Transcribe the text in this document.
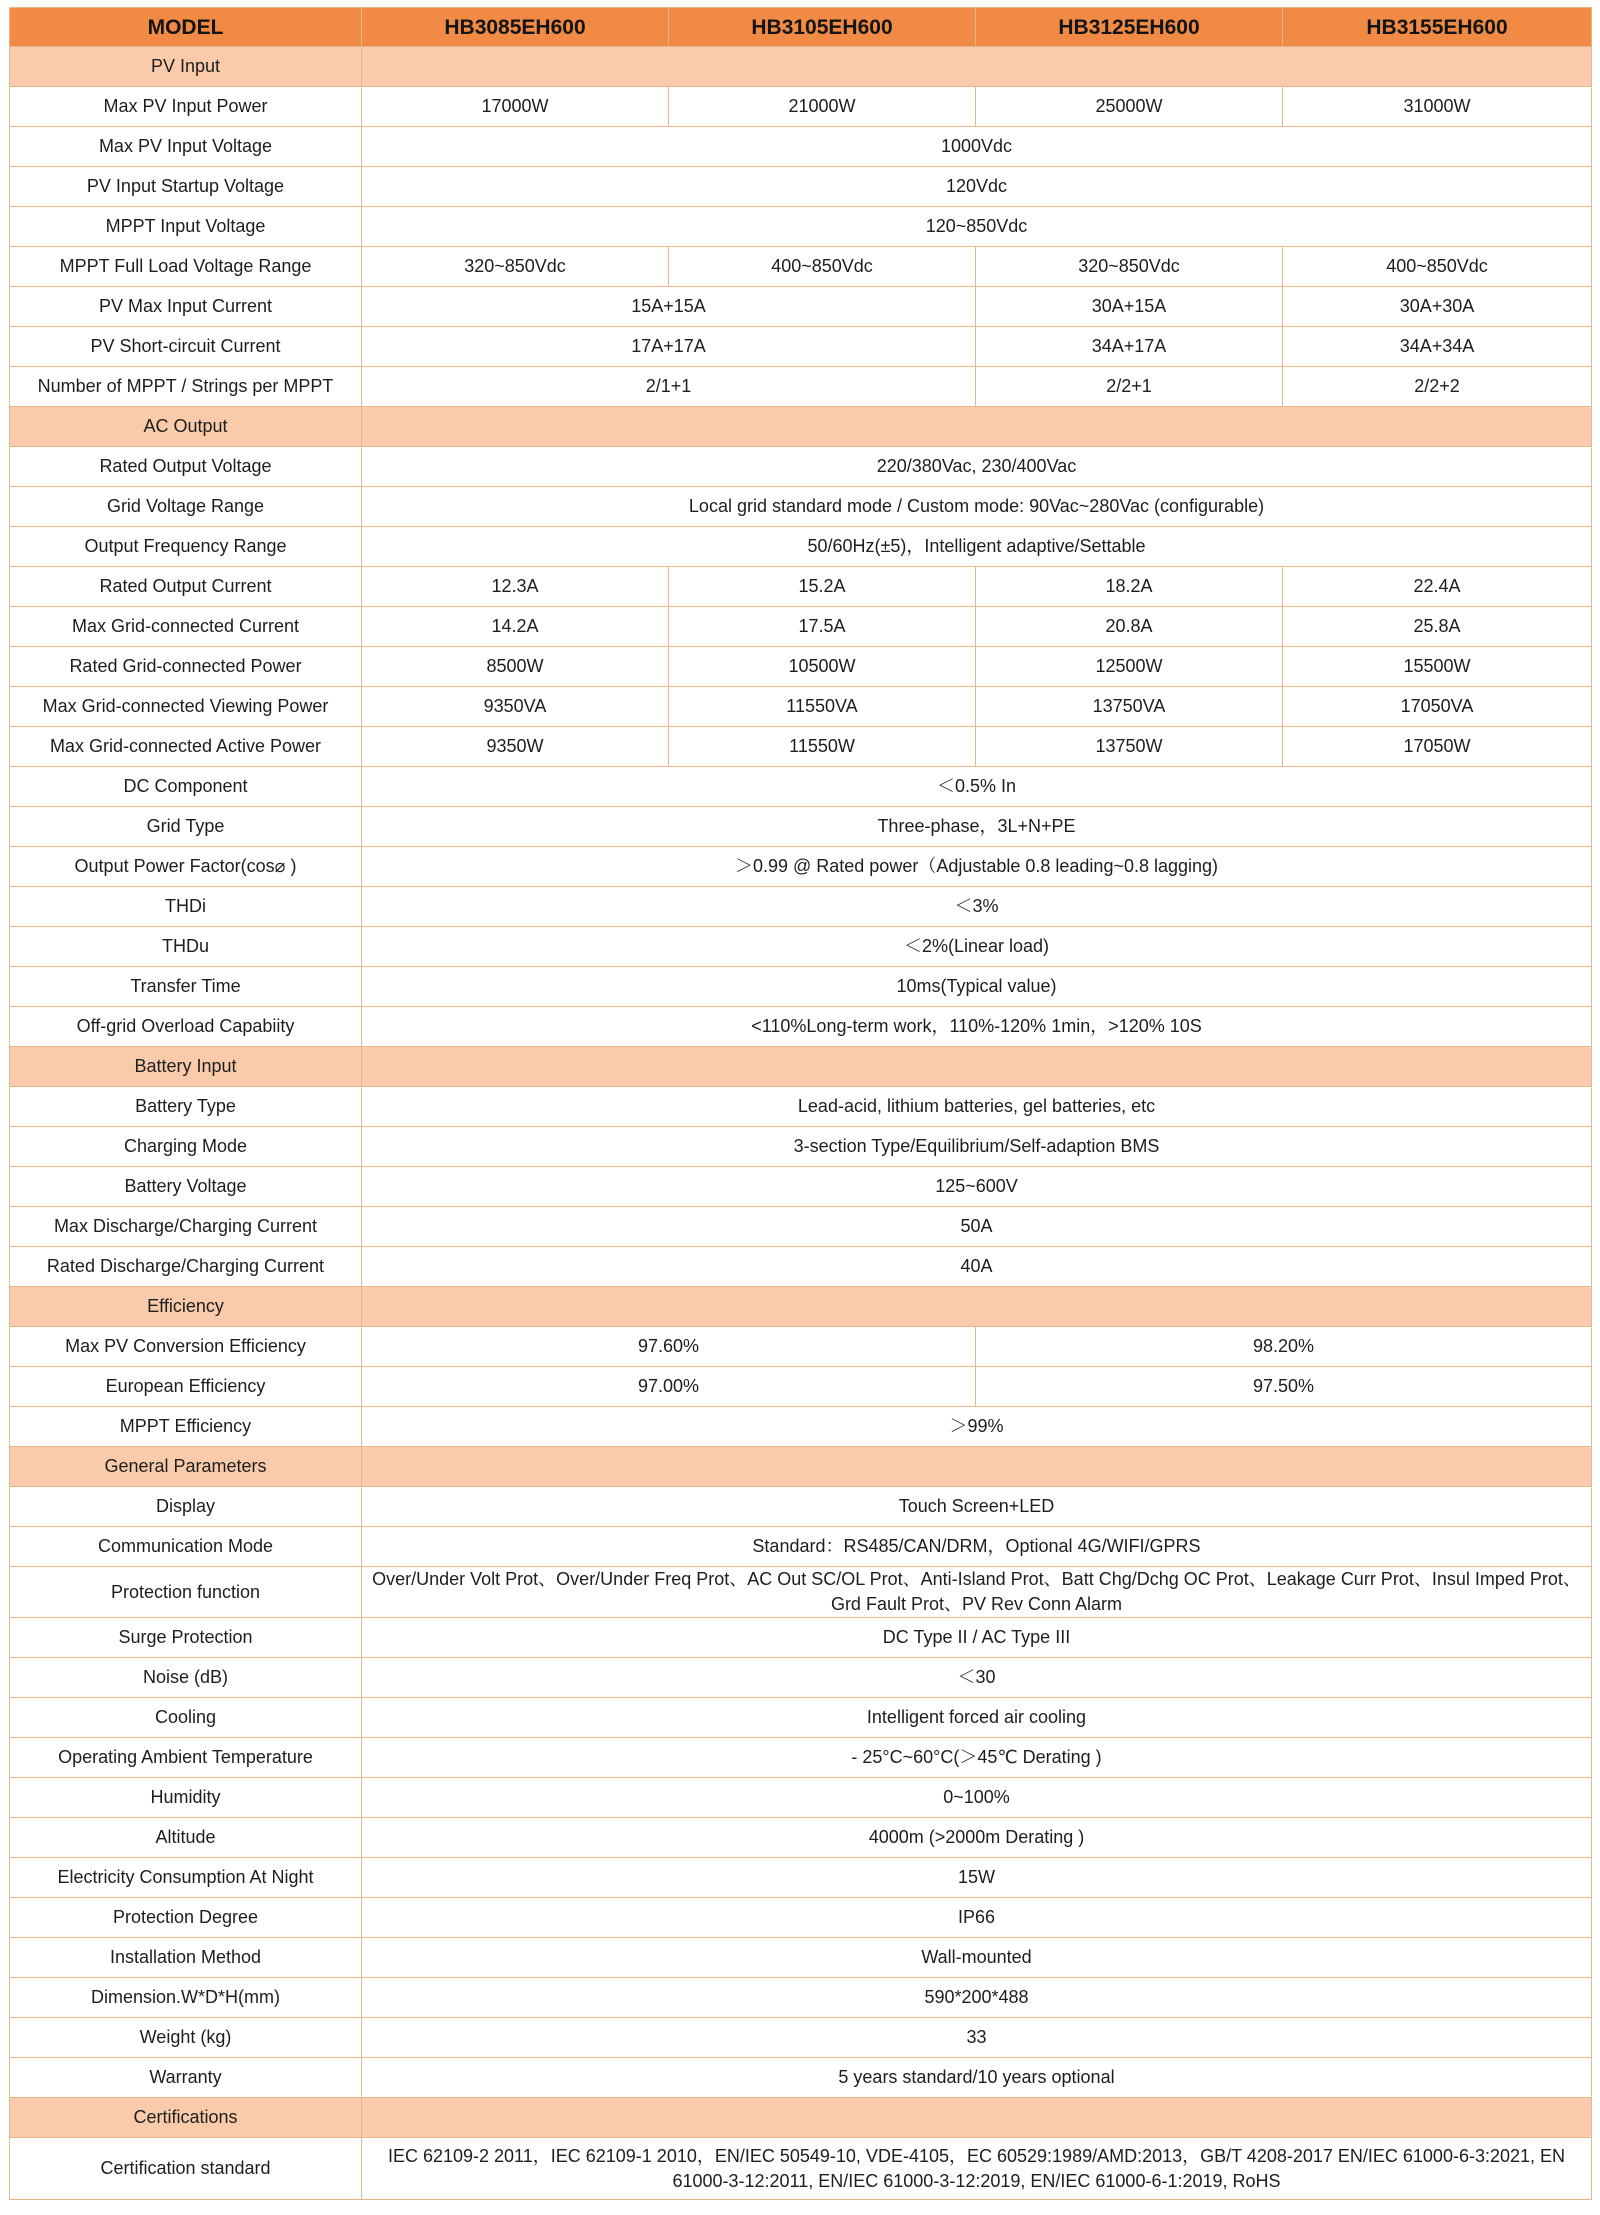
MODEL	HB3085EH600	HB3105EH600	HB3125EH600	HB3155EH600
PV Input				
Max PV Input Power	17000W	21000W	25000W	31000W
Max PV Input Voltage	1000Vdc			
PV Input Startup Voltage	120Vdc			
MPPT Input Voltage	120~850Vdc			
MPPT Full Load Voltage Range	320~850Vdc	400~850Vdc	320~850Vdc	400~850Vdc
PV Max Input Current	15A+15A		30A+15A	30A+30A
PV Short-circuit Current	17A+17A		34A+17A	34A+34A
Number of MPPT / Strings per MPPT	2/1+1		2/2+1	2/2+2
AC Output				
Rated Output Voltage	220/380Vac, 230/400Vac			
Grid Voltage Range	Local grid standard mode / Custom mode: 90Vac~280Vac (configurable)			
Output Frequency Range	50/60Hz(±5)，Intelligent adaptive/Settable			
Rated Output Current	12.3A	15.2A	18.2A	22.4A
Max Grid-connected Current	14.2A	17.5A	20.8A	25.8A
Rated Grid-connected Power	8500W	10500W	12500W	15500W
Max Grid-connected Viewing Power	9350VA	11550VA	13750VA	17050VA
Max Grid-connected Active Power	9350W	11550W	13750W	17050W
DC Component	＜0.5% In			
Grid Type	Three-phase，3L+N+PE			
Output Power Factor(cos⌀ )	＞0.99 @ Rated power（Adjustable 0.8 leading~0.8 lagging)			
THDi	＜3%			
THDu	＜2%(Linear load)			
Transfer Time	10ms(Typical value)			
Off-grid Overload Capabiity	<110%Long-term work，110%-120% 1min，>120% 10S			
Battery Input				
Battery Type	Lead-acid, lithium batteries, gel batteries, etc			
Charging Mode	3-section Type/Equilibrium/Self-adaption BMS			
Battery Voltage	125~600V			
Max Discharge/Charging Current	50A			
Rated Discharge/Charging Current	40A			
Efficiency				
Max PV Conversion Efficiency	97.60%		98.20%	
European Efficiency	97.00%		97.50%	
MPPT Efficiency	＞99%			
General Parameters				
Display	Touch Screen+LED			
Communication Mode	Standard：RS485/CAN/DRM，Optional 4G/WIFI/GPRS			
Protection function	Over/Under Volt Prot、Over/Under Freq Prot、AC Out SC/OL Prot、Anti-Island Prot、Batt Chg/Dchg OC Prot、Leakage Curr Prot、Insul Imped Prot、Grd Fault Prot、PV Rev Conn Alarm			
Surge Protection	DC Type II / AC Type III			
Noise (dB)	＜30			
Cooling	Intelligent forced air cooling			
Operating Ambient Temperature	- 25°C~60°C(＞45℃ Derating )			
Humidity	0~100%			
Altitude	4000m (>2000m Derating )			
Electricity Consumption At Night	15W			
Protection Degree	IP66			
Installation Method	Wall-mounted			
Dimension.W*D*H(mm)	590*200*488			
Weight (kg)	33			
Warranty	5 years standard/10 years optional			
Certifications				
Certification standard	IEC 62109-2 2011，IEC 62109-1 2010，EN/IEC 50549-10, VDE-4105，EC 60529:1989/AMD:2013，GB/T 4208-2017 EN/IEC 61000-6-3:2021, EN 61000-3-12:2011, EN/IEC 61000-3-12:2019, EN/IEC 61000-6-1:2019, RoHS			
